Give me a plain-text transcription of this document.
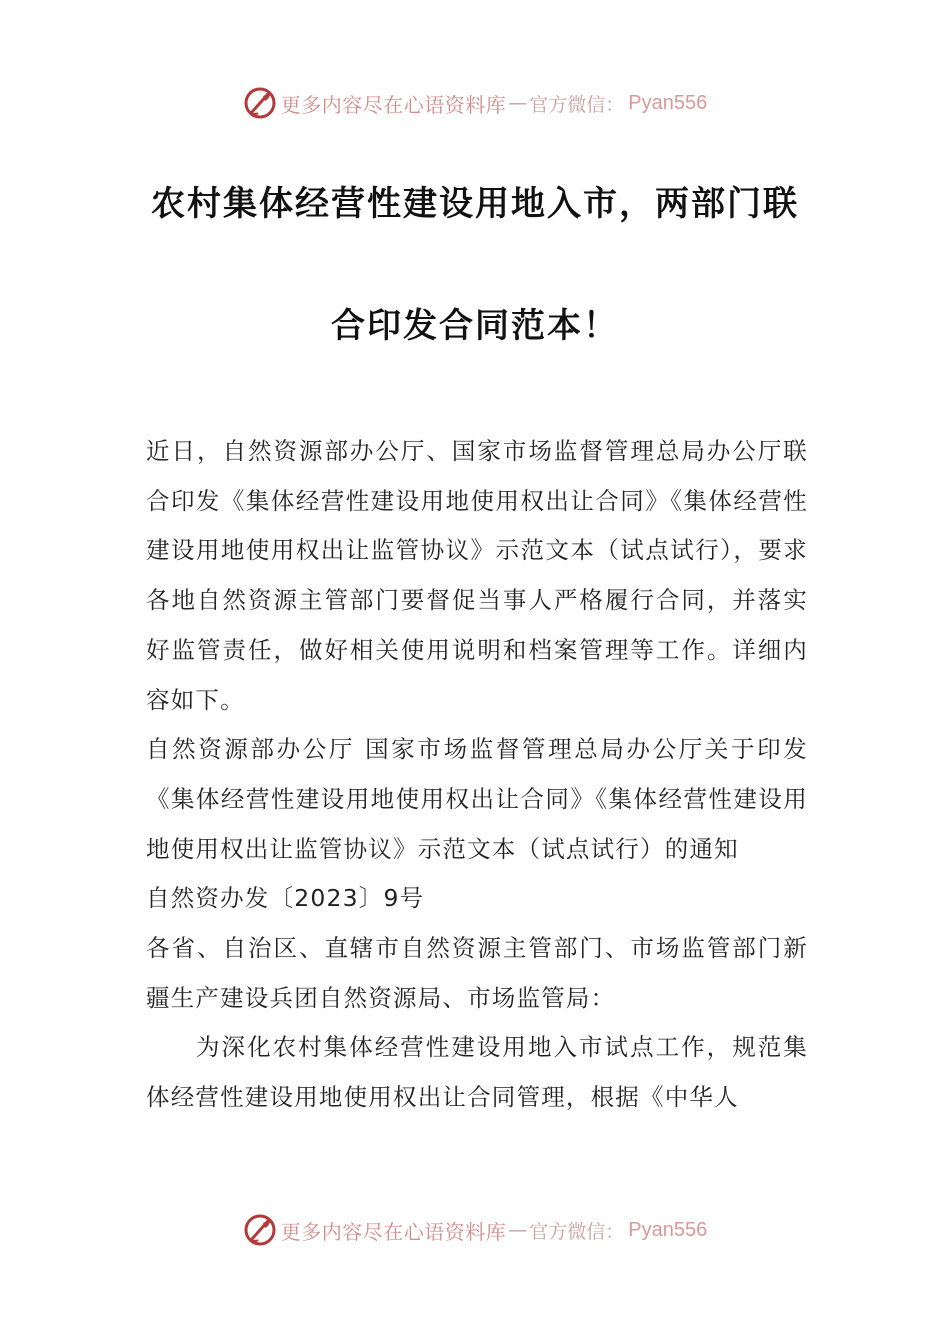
更多内容尽在心语资料库 — 官方微信： Pyan556
农村集体经营性建设用地入市，两部门联
合印发合同范本！

近日，自然资源部办公厅、国家市场监督管理总局办公厅联合印发《集体经营性建设用地使用权出让合同》《集体经营性建设用地使用权出让监管协议》示范文本（试点试行），要求各地自然资源主管部门要督促当事人严格履行合同，并落实好监管责任，做好相关使用说明和档案管理等工作。详细内容如下。

自然资源部办公厅 国家市场监督管理总局办公厅关于印发《集体经营性建设用地使用权出让合同》《集体经营性建设用地使用权出让监管协议》示范文本（试点试行）的通知

自然资办发〔2023〕9号

各省、自治区、直辖市自然资源主管部门、市场监管部门新疆生产建设兵团自然资源局、市场监管局：

为深化农村集体经营性建设用地入市试点工作，规范集体经营性建设用地使用权出让合同管理，根据《中华人

更多内容尽在心语资料库 — 官方微信： Pyan556
